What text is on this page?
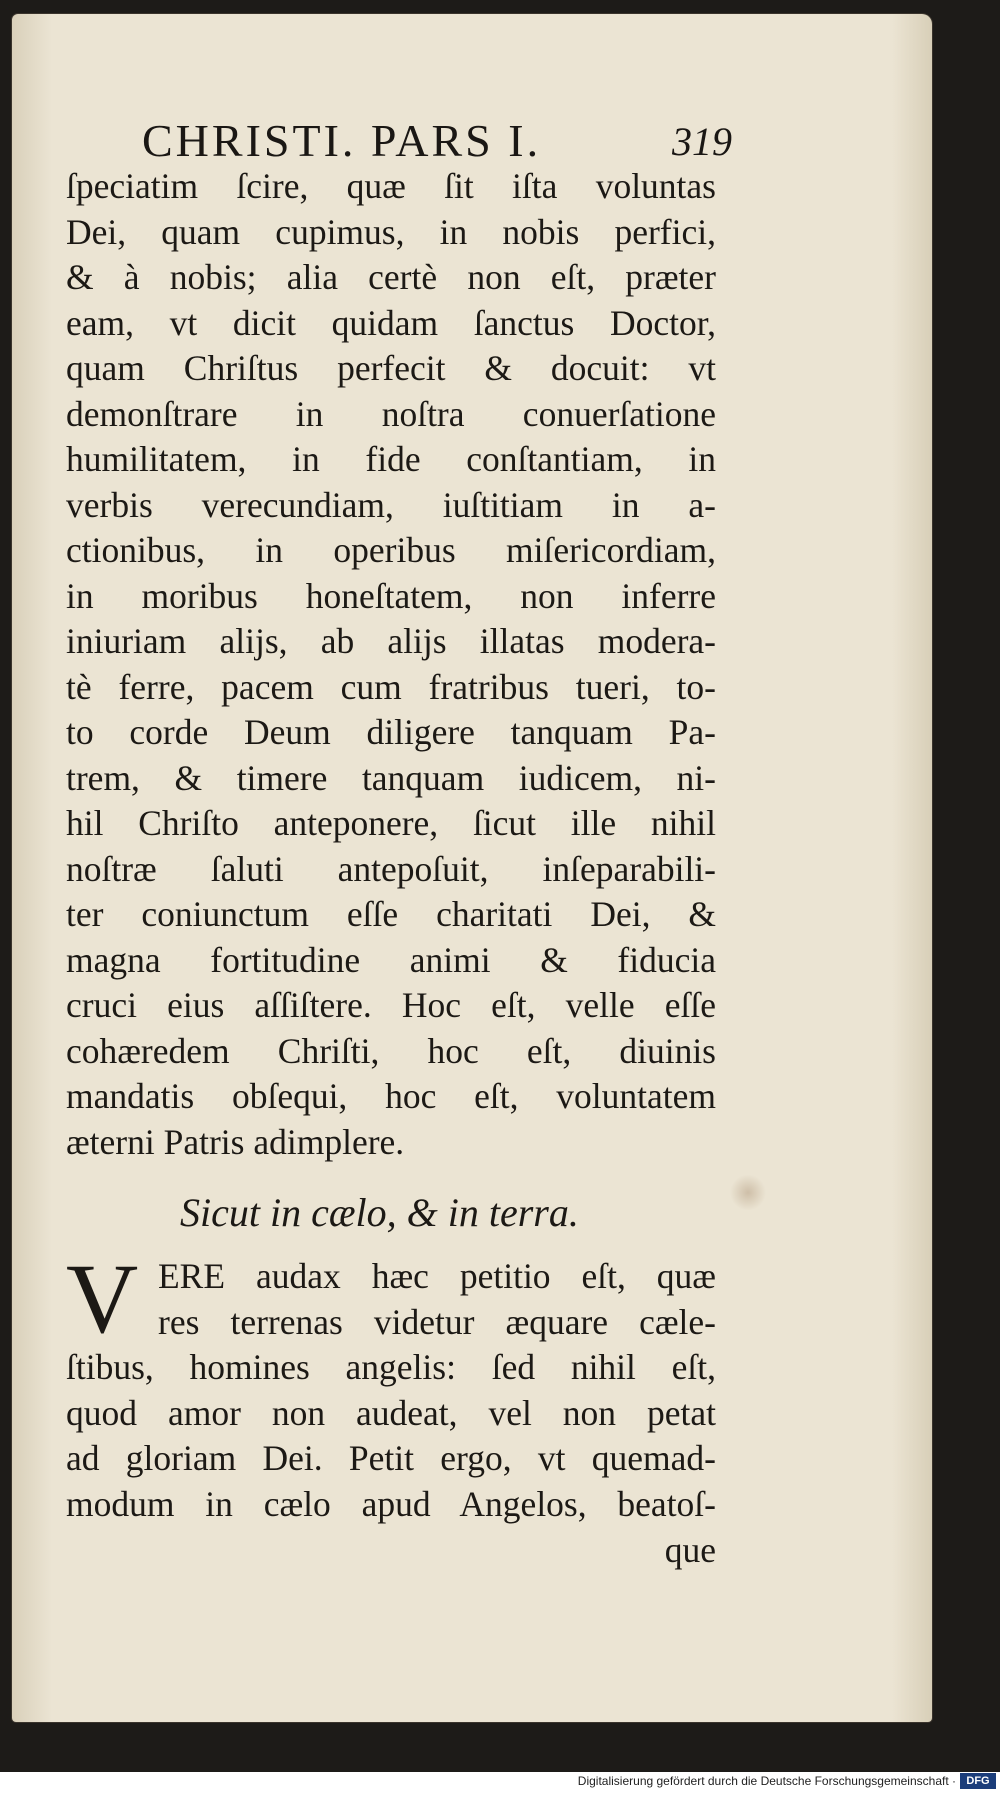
CHRISTI. PARS I.	319
ſpeciatim ſcire, quæ ſit iſta voluntas
Dei, quam cupimus, in nobis perfici,
& à nobis; alia certè non eſt, præter
eam, vt dicit quidam ſanctus Doctor,
quam Chriſtus perfecit & docuit: vt
demonſtrare in noſtra conuerſatione
humilitatem, in fide conſtantiam, in
verbis verecundiam, iuſtitiam in a-
ctionibus, in operibus miſericordiam,
in moribus honeſtatem, non inferre
iniuriam alijs, ab alijs illatas modera-
tè ferre, pacem cum fratribus tueri, to-
to corde Deum diligere tanquam Pa-
trem, & timere tanquam iudicem, ni-
hil Chriſto anteponere, ſicut ille nihil
noſtræ ſaluti antepoſuit, inſeparabili-
ter coniunctum eſſe charitati Dei, &
magna fortitudine animi & fiducia
cruci eius aſſiſtere. Hoc eſt, velle eſſe
cohæredem Chriſti, hoc eſt, diuinis
mandatis obſequi, hoc eſt, voluntatem
æterni Patris adimplere.
Sicut in cælo, & in terra.
V ERE audax hæc petitio eſt, quæ
res terrenas videtur æquare cæle-
ſtibus, homines angelis: ſed nihil eſt,
quod amor non audeat, vel non petat
ad gloriam Dei. Petit ergo, vt quemad-
modum in cælo apud Angelos, beatoſ-
que
Digitalisierung gefördert durch die Deutsche Forschungsgemeinschaft · DFG
